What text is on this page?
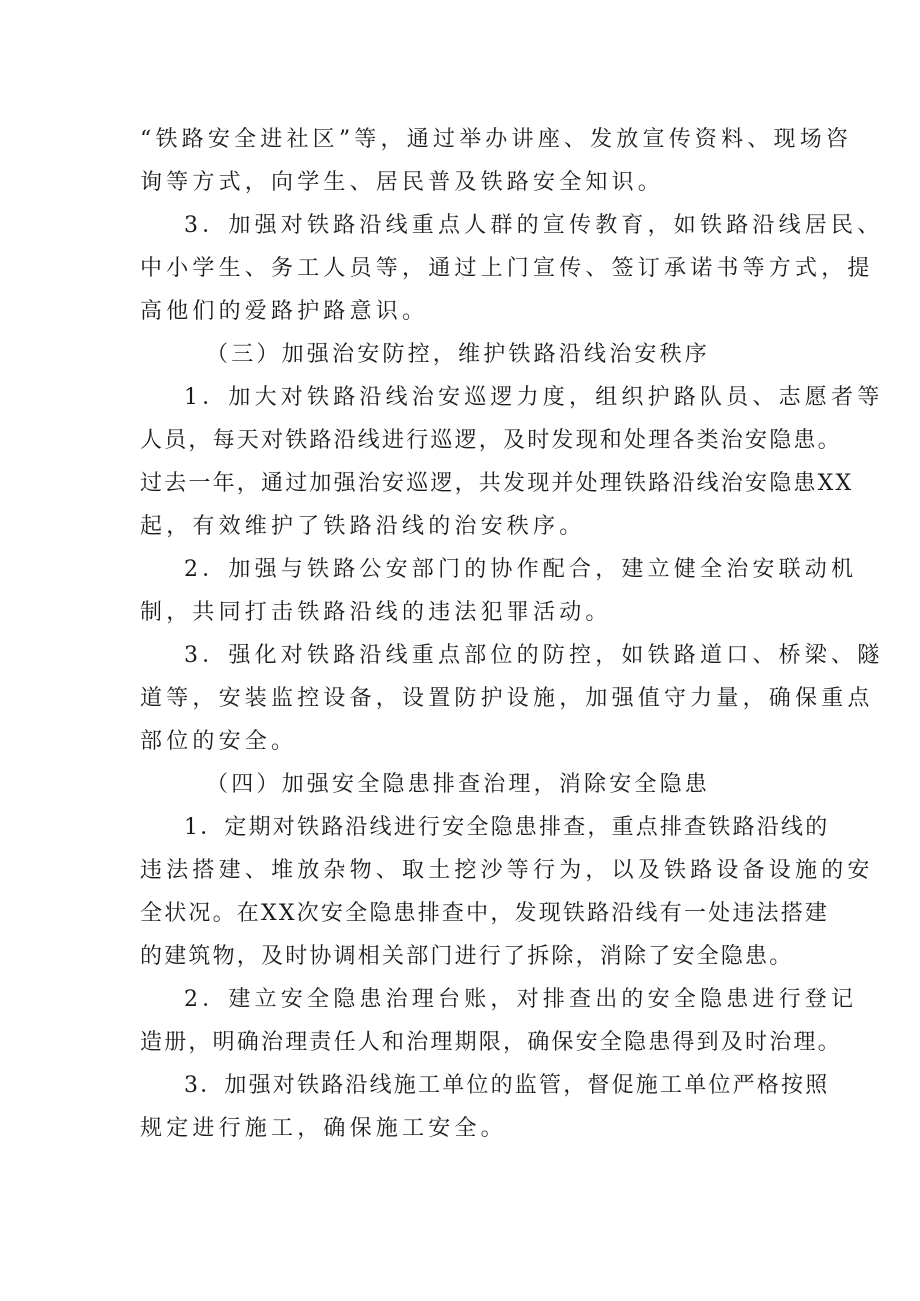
“铁路安全进社区”等，通过举办讲座、发放宣传资料、现场咨
询等方式，向学生、居民普及铁路安全知识。
3．加强对铁路沿线重点人群的宣传教育，如铁路沿线居民、
中小学生、务工人员等，通过上门宣传、签订承诺书等方式，提
高他们的爱路护路意识。
（三）加强治安防控，维护铁路沿线治安秩序
1．加大对铁路沿线治安巡逻力度，组织护路队员、志愿者等
人员，每天对铁路沿线进行巡逻，及时发现和处理各类治安隐患。
过去一年，通过加强治安巡逻，共发现并处理铁路沿线治安隐患XX
起，有效维护了铁路沿线的治安秩序。
2．加强与铁路公安部门的协作配合，建立健全治安联动机
制，共同打击铁路沿线的违法犯罪活动。
3．强化对铁路沿线重点部位的防控，如铁路道口、桥梁、隧
道等，安装监控设备，设置防护设施，加强值守力量，确保重点
部位的安全。
（四）加强安全隐患排查治理，消除安全隐患
1．定期对铁路沿线进行安全隐患排查，重点排查铁路沿线的
违法搭建、堆放杂物、取土挖沙等行为，以及铁路设备设施的安
全状况。在XX次安全隐患排查中，发现铁路沿线有一处违法搭建
的建筑物，及时协调相关部门进行了拆除，消除了安全隐患。
2．建立安全隐患治理台账，对排查出的安全隐患进行登记
造册，明确治理责任人和治理期限，确保安全隐患得到及时治理。
3．加强对铁路沿线施工单位的监管，督促施工单位严格按照
规定进行施工，确保施工安全。
